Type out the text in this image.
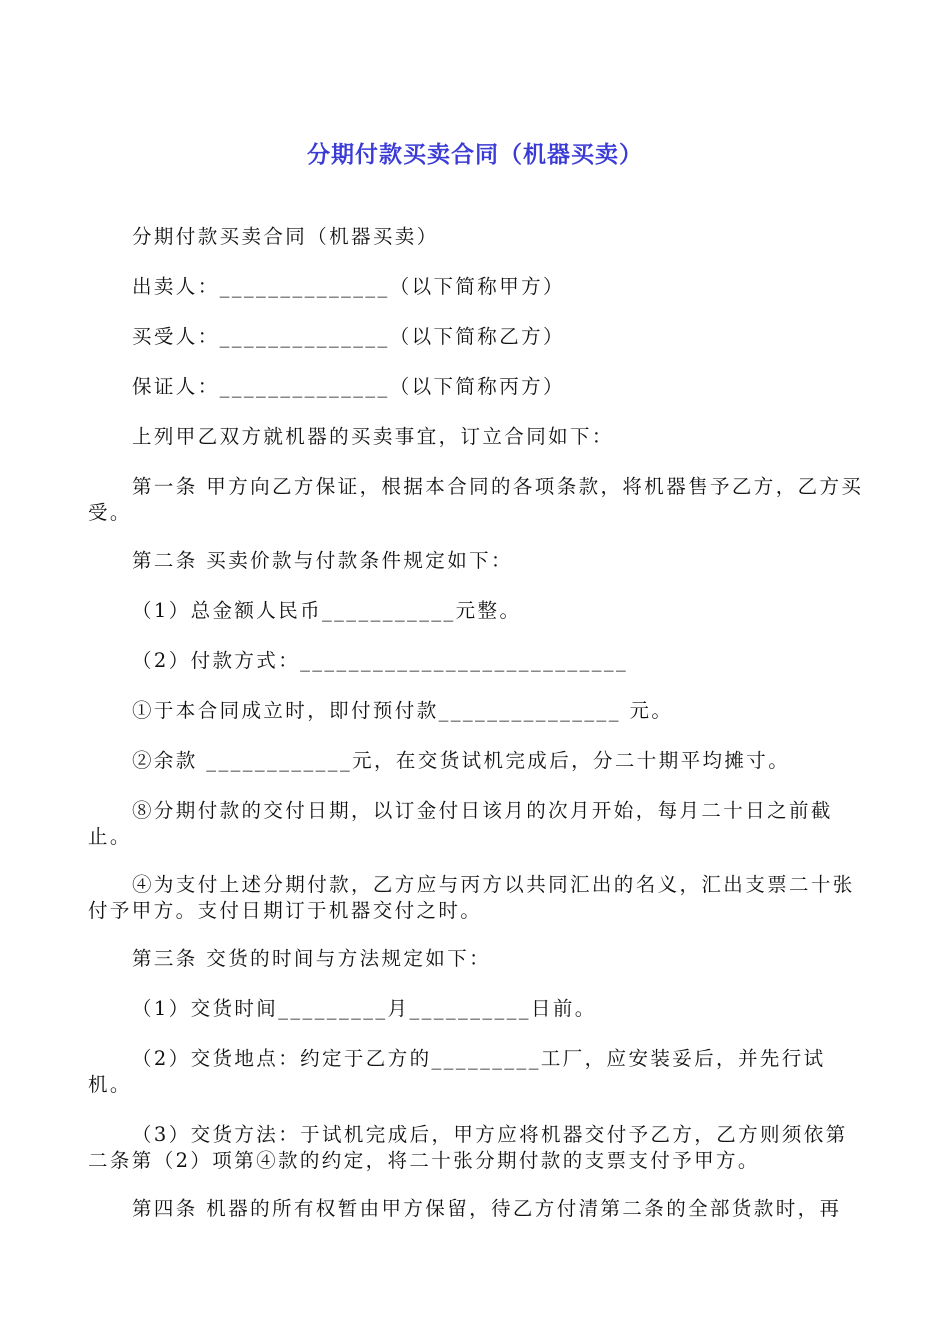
分期付款买卖合同（机器买卖）
分期付款买卖合同（机器买卖）
出卖人：______________（以下简称甲方）
买受人：______________（以下简称乙方）
保证人：______________（以下简称丙方）
上列甲乙双方就机器的买卖事宜，订立合同如下：
第一条 甲方向乙方保证，根据本合同的各项条款，将机器售予乙方，乙方买受。
第二条 买卖价款与付款条件规定如下：
（1）总金额人民币___________元整。
（2）付款方式：___________________________
①于本合同成立时，即付预付款_______________ 元。
②余款 ____________元，在交货试机完成后，分二十期平均摊寸。
⑧分期付款的交付日期，以订金付日该月的次月开始，每月二十日之前截止。
④为支付上述分期付款，乙方应与丙方以共同汇出的名义，汇出支票二十张付予甲方。支付日期订于机器交付之时。
第三条 交货的时间与方法规定如下：
（1）交货时间_________月__________日前。
（2）交货地点：约定于乙方的_________工厂，应安装妥后，并先行试机。
（3）交货方法：于试机完成后，甲方应将机器交付予乙方，乙方则须依第二条第（2）项第④款的约定，将二十张分期付款的支票支付予甲方。
第四条 机器的所有权暂由甲方保留，待乙方付清第二条的全部货款时，再
